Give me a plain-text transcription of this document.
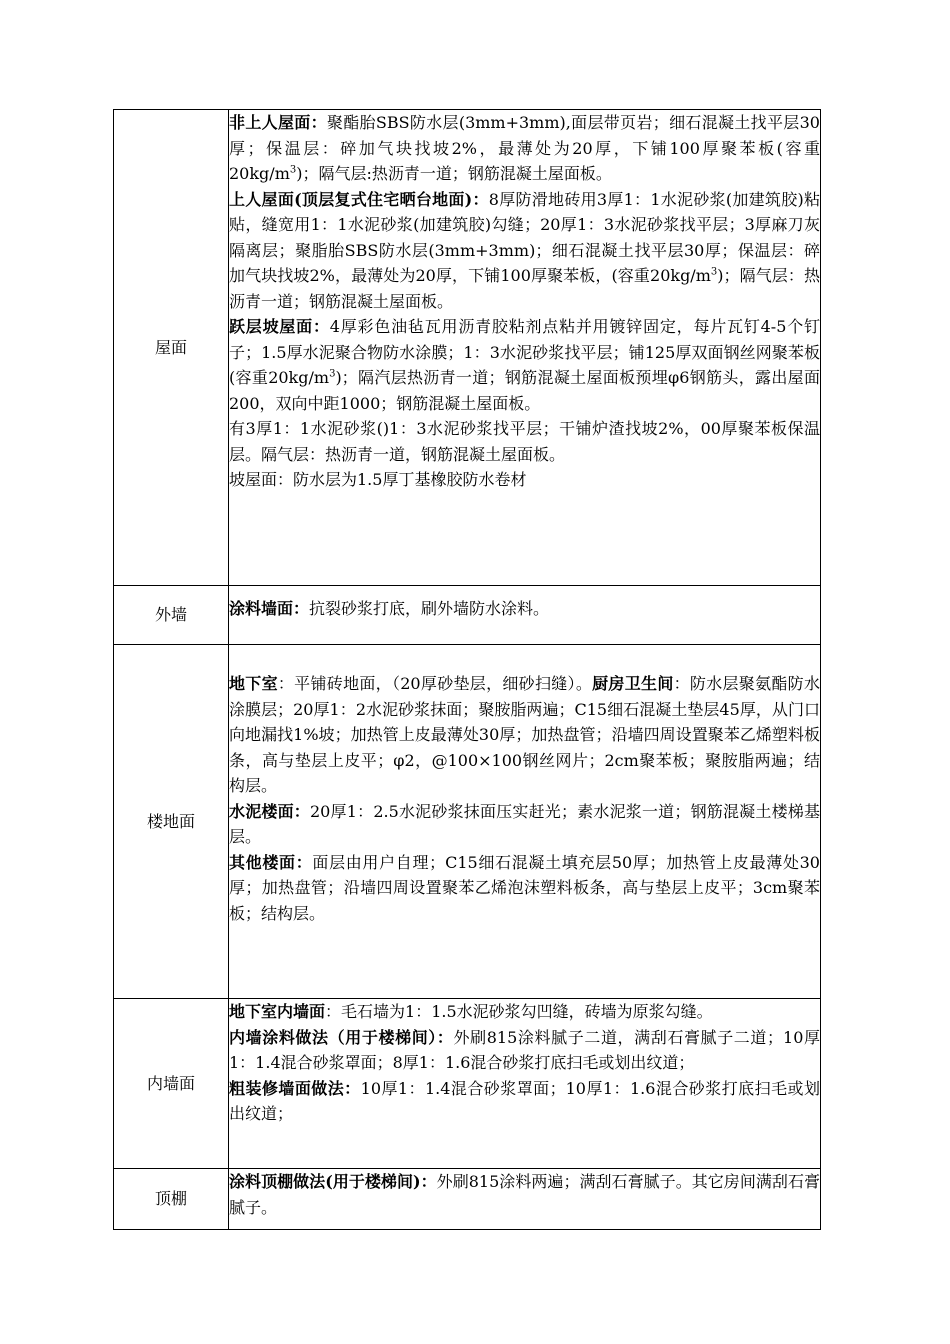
屋面	非上人屋面：聚酯胎SBS防水层(3mm+3mm),面层带页岩；细石混凝土找平层30厚；保温层：碎加气块找坡2%，最薄处为20厚，下铺100厚聚苯板(容重$20kg/m^3$)；隔气层:热沥青一道；钢筋混凝土屋面板。
上人屋面(顶层复式住宅晒台地面)：8厚防滑地砖用3厚1：1水泥砂浆(加建筑胶)粘贴，缝宽用1：1水泥砂浆(加建筑胶)勾缝；20厚1：3水泥砂浆找平层；3厚麻刀灰隔离层；聚脂胎SBS防水层(3mm+3mm)；细石混凝土找平层30厚；保温层：碎加气块找坡2%，最薄处为20厚，下铺100厚聚苯板，(容重$20kg/m^3$)；隔气层：热沥青一道；钢筋混凝土屋面板。
跃层坡屋面：4厚彩色油毡瓦用沥青胶粘剂点粘并用镀锌固定，每片瓦钉4-5个钉子；1.5厚水泥聚合物防水涂膜；1：3水泥砂浆找平层；铺125厚双面钢丝网聚苯板(容重$20kg/m^3$)；隔汽层热沥青一道；钢筋混凝土屋面板预埋φ6钢筋头，露出屋面200，双向中距1000；钢筋混凝土屋面板。
有3厚1：1水泥砂浆()1：3水泥砂浆找平层；干铺炉渣找坡2%，00厚聚苯板保温层。隔气层：热沥青一道，钢筋混凝土屋面板。
坡屋面：防水层为1.5厚丁基橡胶防水卷材

外墙	涂料墙面：抗裂砂浆打底，刷外墙防水涂料。

楼地面	地下室：平铺砖地面，（20厚砂垫层，细砂扫缝）。厨房卫生间：防水层聚氨酯防水涂膜层；20厚1：2水泥砂浆抹面；聚胺脂两遍；C15细石混凝土垫层45厚，从门口向地漏找1%坡；加热管上皮最薄处30厚；加热盘管；沿墙四周设置聚苯乙烯塑料板条，高与垫层上皮平；φ2，@100×100钢丝网片；2cm聚苯板；聚胺脂两遍；结构层。
水泥楼面：20厚1：2.5水泥砂浆抹面压实赶光；素水泥浆一道；钢筋混凝土楼梯基层。
其他楼面：面层由用户自理；C15细石混凝土填充层50厚；加热管上皮最薄处30厚；加热盘管；沿墙四周设置聚苯乙烯泡沫塑料板条，高与垫层上皮平；3cm聚苯板；结构层。

内墙面	地下室内墙面：毛石墙为1：1.5水泥砂浆勾凹缝，砖墙为原浆勾缝。
内墙涂料做法（用于楼梯间）：外刷815涂料腻子二道，满刮石膏腻子二道；10厚1：1.4混合砂浆罩面；8厚1：1.6混合砂浆打底扫毛或划出纹道；
粗装修墙面做法：10厚1：1.4混合砂浆罩面；10厚1：1.6混合砂浆打底扫毛或划出纹道；

顶棚	涂料顶棚做法(用于楼梯间)：外刷815涂料两遍；满刮石膏腻子。其它房间满刮石膏腻子。
